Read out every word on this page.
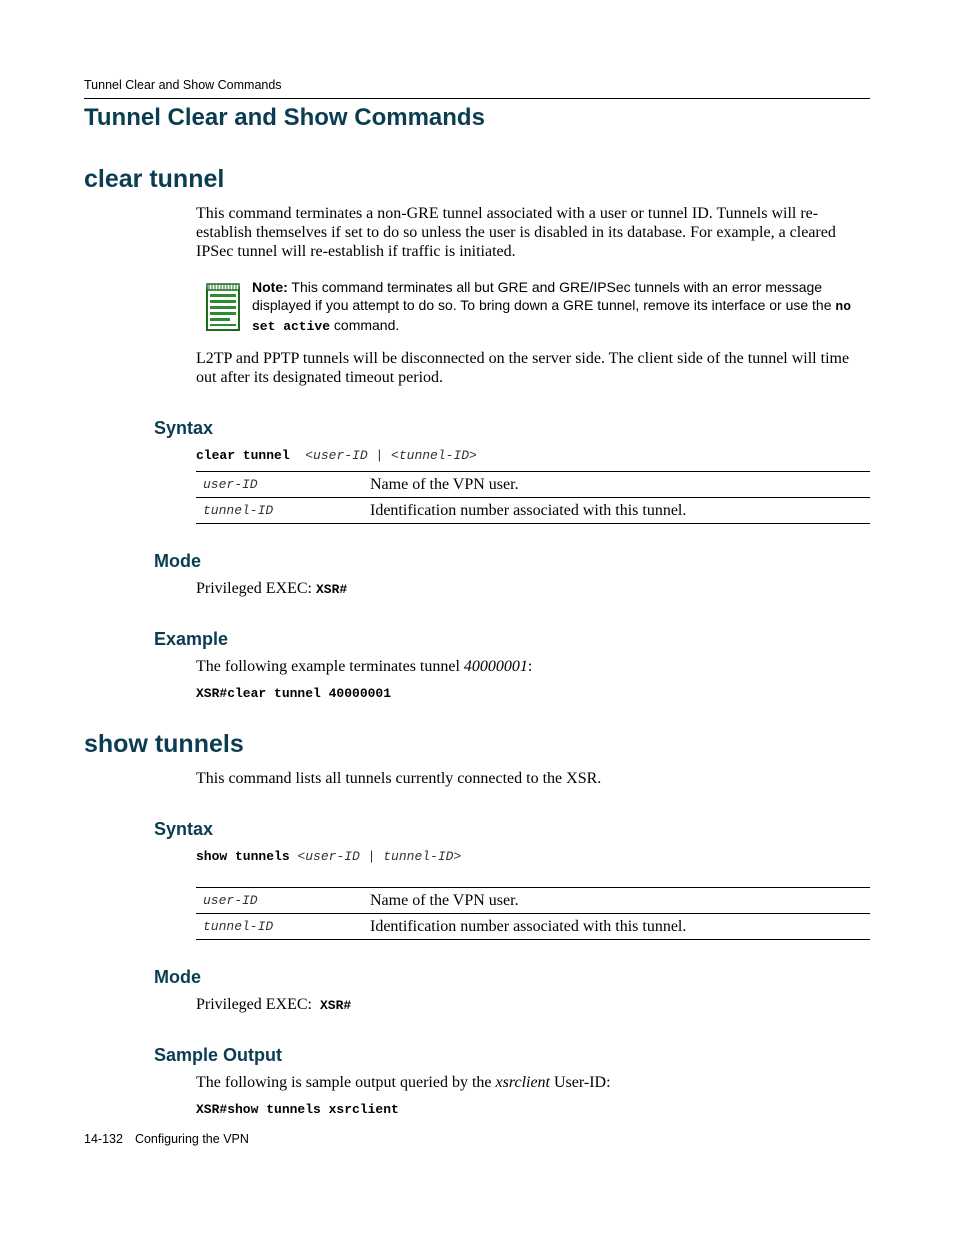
Tunnel Clear and Show Commands
Tunnel Clear and Show Commands
clear tunnel

This command terminates a non-GRE tunnel associated with a user or tunnel ID. Tunnels will re-establish themselves if set to do so unless the user is disabled in its database. For example, a cleared IPSec tunnel will re-establish if traffic is initiated.

Note: This command terminates all but GRE and GRE/IPSec tunnels with an error message displayed if you attempt to do so. To bring down a GRE tunnel, remove its interface or use the no set active command.

L2TP and PPTP tunnels will be disconnected on the server side. The client side of the tunnel will time out after its designated timeout period.

Syntax
clear tunnel <user-ID | <tunnel-ID>
user-ID	Name of the VPN user.
tunnel-ID	Identification number associated with this tunnel.
Mode

Privileged EXEC: XSR#

Example

The following example terminates tunnel 40000001:

XSR#clear tunnel 40000001
show tunnels

This command lists all tunnels currently connected to the XSR.

Syntax
show tunnels <user-ID | tunnel-ID>
user-ID	Name of the VPN user.
tunnel-ID	Identification number associated with this tunnel.
Mode

Privileged EXEC:  XSR#

Sample Output

The following is sample output queried by the xsrclient User-ID:

XSR#show tunnels xsrclient
14-132 Configuring the VPN
